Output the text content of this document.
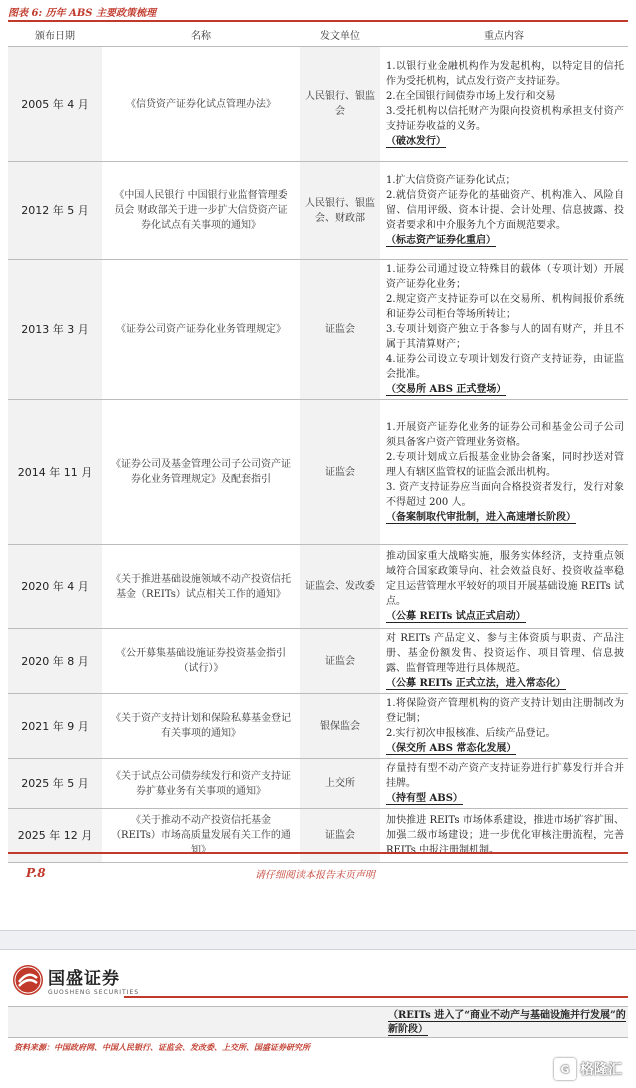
图表 6: 历年 ABS 主要政策梳理
颁布日期	名称	发文单位	重点内容
2005 年 4 月	《信贷资产证券化试点管理办法》	人民银行、银监会	1.以银行业金融机构作为发起机构，以特定目的信托作为受托机构，试点发行资产支持证券。
2.在全国银行间债券市场上发行和交易
3.受托机构以信托财产为限向投资机构承担支付资产支持证券收益的义务。
（破冰发行）

2012 年 5 月	《中国人民银行 中国银行业监督管理委员会 财政部关于进一步扩大信贷资产证券化试点有关事项的通知》	人民银行、银监会、财政部	1.扩大信贷资产证券化试点；
2.就信贷资产证券化的基础资产、机构准入、风险自留、信用评级、资本计提、会计处理、信息披露、投资者要求和中介服务九个方面规范要求。
（标志资产证券化重启）

2013 年 3 月	《证券公司资产证券化业务管理规定》	证监会	1.证券公司通过设立特殊目的载体（专项计划）开展资产证券化业务；
2.规定资产支持证券可以在交易所、机构间报价系统和证券公司柜台等场所转让；
3.专项计划资产独立于各参与人的固有财产，并且不属于其清算财产；
4.证券公司设立专项计划发行资产支持证券，由证监会批准。
（交易所 ABS 正式登场）

2014 年 11 月	《证券公司及基金管理公司子公司资产证券化业务管理规定》及配套指引	证监会	1.开展资产证券化业务的证券公司和基金公司子公司须具备客户资产管理业务资格。
2.专项计划成立后报基金业协会备案，同时抄送对管理人有辖区监管权的证监会派出机构。
3. 资产支持证券应当面向合格投资者发行，发行对象不得超过 200 人。
（备案制取代审批制，进入高速增长阶段）

2020 年 4 月	《关于推进基础设施领域不动产投资信托基金（REITs）试点相关工作的通知》	证监会、发改委	推动国家重大战略实施，服务实体经济，支持重点领域符合国家政策导向、社会效益良好、投资收益率稳定且运营管理水平较好的项目开展基础设施 REITs 试点。
（公募 REITs 试点正式启动）

2020 年 8 月	《公开募集基础设施证券投资基金指引（试行）》	证监会	对 REITs 产品定义、参与主体资质与职责、产品注册、基金份额发售、投资运作、项目管理、信息披露、监督管理等进行具体规范。
（公募 REITs 正式立法，进入常态化）

2021 年 9 月	《关于资产支持计划和保险私募基金登记有关事项的通知》	银保监会	1.将保险资产管理机构的资产支持计划由注册制改为登记制；
2.实行初次申报核准、后续产品登记。
（保交所 ABS 常态化发展）

2025 年 5 月	《关于试点公司债券续发行和资产支持证券扩募业务有关事项的通知》	上交所	存量持有型不动产资产支持证券进行扩募发行并合并挂牌。
（持有型 ABS）

2025 年 12 月	《关于推动不动产投资信托基金（REITs）市场高质量发展有关工作的通知》	证监会	加快推进 REITs 市场体系建设，推进市场扩容扩围、加强二级市场建设；进一步优化审核注册流程，完善 REITs 中报注册制机制。
P.8	请仔细阅读本报告末页声明
国盛证券
GUOSHENG SECURITIES
（REITs 进入了“商业不动产与基础设施并行发展”的新阶段）
资料来源：中国政府网、中国人民银行、证监会、发改委、上交所、国盛证券研究所
G 格隆汇
